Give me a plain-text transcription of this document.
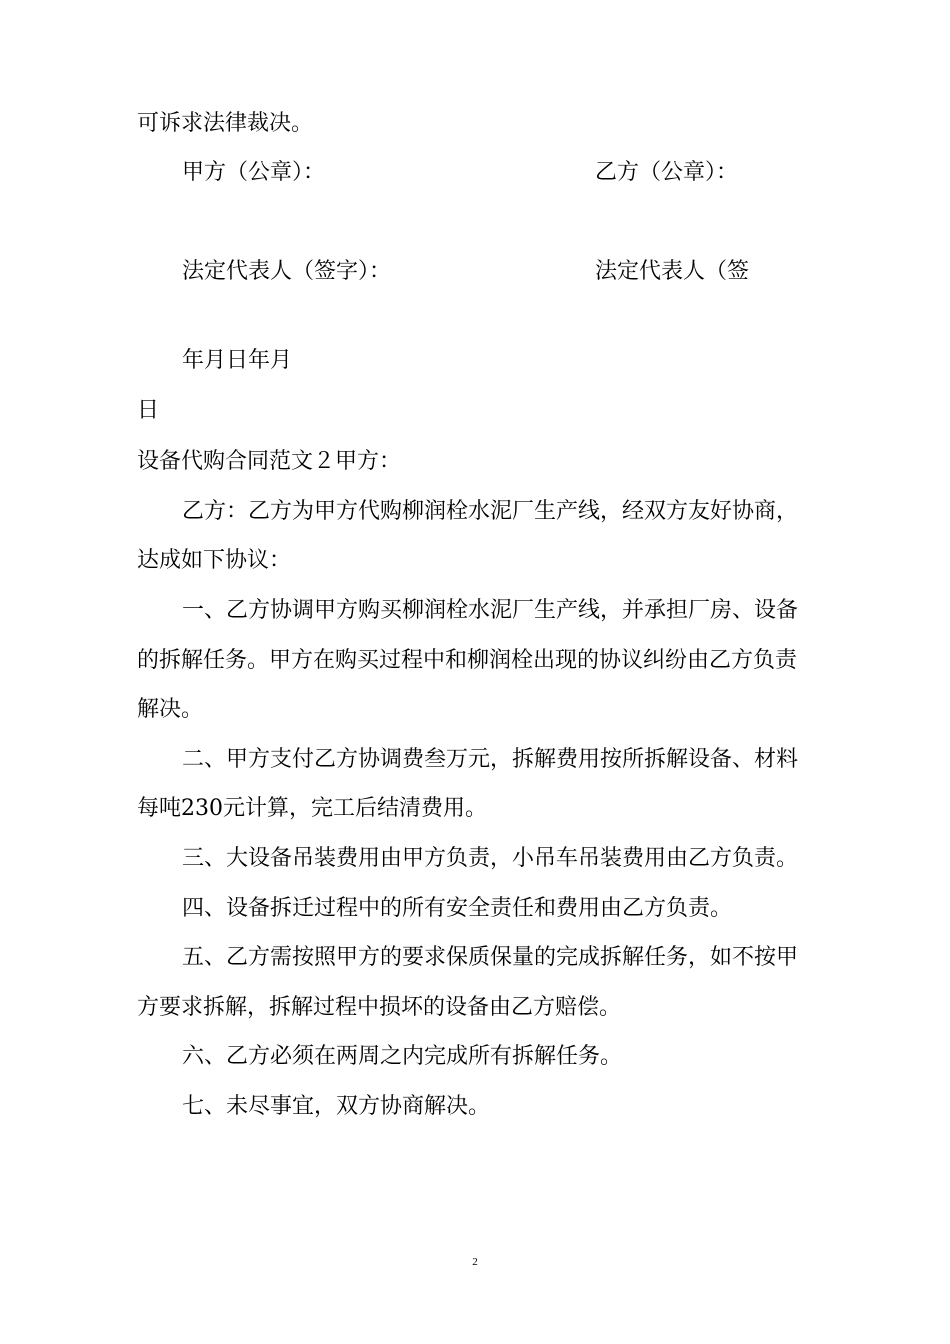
可诉求法律裁决。
甲方（公章）：	乙方（公章）：
法定代表人（签字）：	法定代表人（签
年月日年月
日
设备代购合同范文２甲方：
乙方：乙方为甲方代购柳润栓水泥厂生产线，经双方友好协商，
达成如下协议：
一、乙方协调甲方购买柳润栓水泥厂生产线，并承担厂房、设备
的拆解任务。甲方在购买过程中和柳润栓出现的协议纠纷由乙方负责
解决。
二、甲方支付乙方协调费叁万元，拆解费用按所拆解设备、材料
每吨230元计算，完工后结清费用。
三、大设备吊装费用由甲方负责，小吊车吊装费用由乙方负责。
四、设备拆迁过程中的所有安全责任和费用由乙方负责。
五、乙方需按照甲方的要求保质保量的完成拆解任务，如不按甲
方要求拆解，拆解过程中损坏的设备由乙方赔偿。
六、乙方必须在两周之内完成所有拆解任务。
七、未尽事宜，双方协商解决。
2
